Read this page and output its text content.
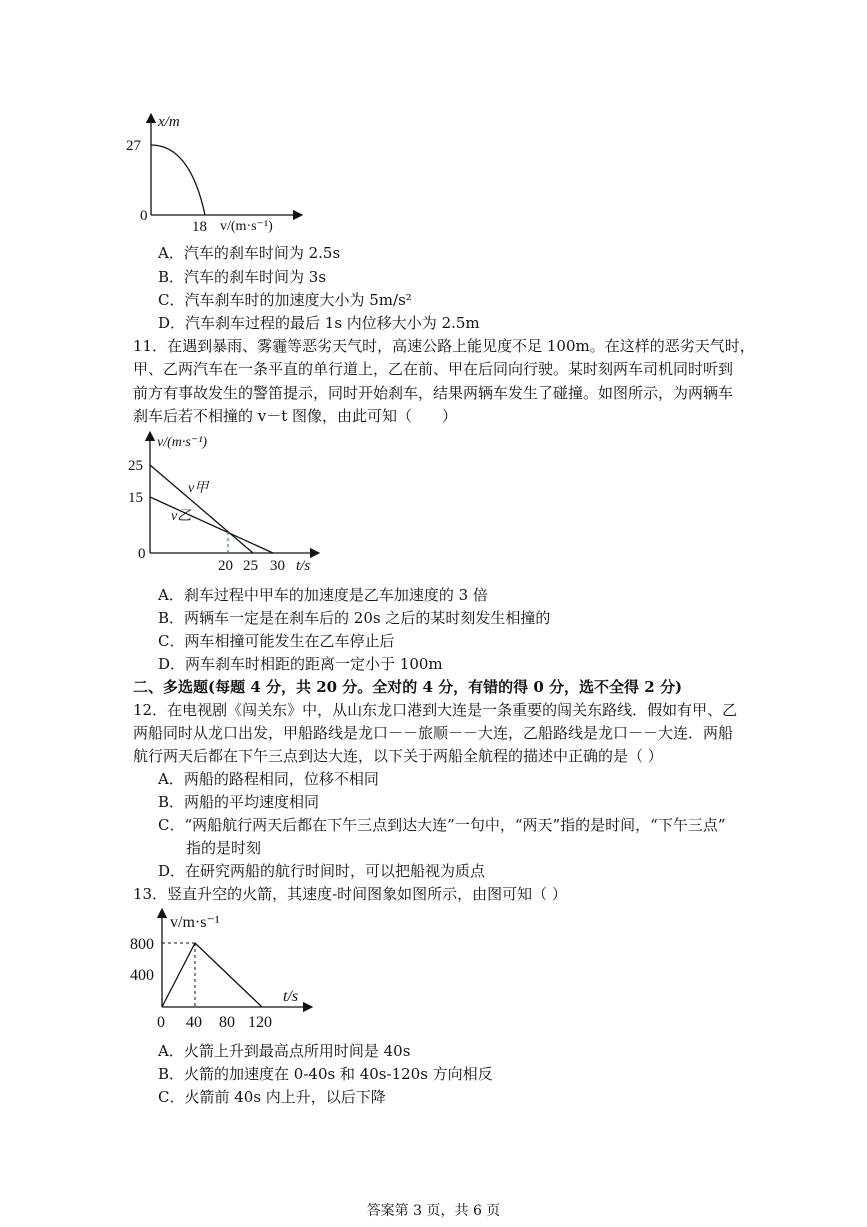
x/m
27
0
18 v/(m·s⁻¹)
A．汽车的刹车时间为 2.5s
B．汽车的刹车时间为 3s
C．汽车刹车时的加速度大小为 5m/s²
D．汽车刹车过程的最后 1s 内位移大小为 2.5m
11．在遇到暴雨、雾霾等恶劣天气时，高速公路上能见度不足 100m。在这样的恶劣天气时，
甲、乙两汽车在一条平直的单行道上，乙在前、甲在后同向行驶。某时刻两车司机同时听到
前方有事故发生的警笛提示，同时开始刹车，结果两辆车发生了碰撞。如图所示，为两辆车
刹车后若不相撞的 v－t 图像，由此可知（　　）
v/(m·s⁻¹)
25
15
0
v甲
v乙
20 25 30 t/s
A．刹车过程中甲车的加速度是乙车加速度的 3 倍
B．两辆车一定是在刹车后的 20s 之后的某时刻发生相撞的
C．两车相撞可能发生在乙车停止后
D．两车刹车时相距的距离一定小于 100m
二、多选题(每题 4 分，共 20 分。全对的 4 分，有错的得 0 分，选不全得 2 分)
12．在电视剧《闯关东》中，从山东龙口港到大连是一条重要的闯关东路线．假如有甲、乙
两船同时从龙口出发，甲船路线是龙口－－旅顺－－大连，乙船路线是龙口－－大连．两船
航行两天后都在下午三点到达大连，以下关于两船全航程的描述中正确的是（ ）
A．两船的路程相同，位移不相同
B．两船的平均速度相同
C．“两船航行两天后都在下午三点到达大连”一句中，“两天”指的是时间，“下午三点”
指的是时刻
D．在研究两船的航行时间时，可以把船视为质点
13．竖直升空的火箭，其速度-时间图象如图所示，由图可知（ ）
v/m·s⁻¹
800
400
t/s
0 40 80 120
A．火箭上升到最高点所用时间是 40s
B．火箭的加速度在 0-40s 和 40s-120s 方向相反
C．火箭前 40s 内上升，以后下降
答案第 3 页，共 6 页
